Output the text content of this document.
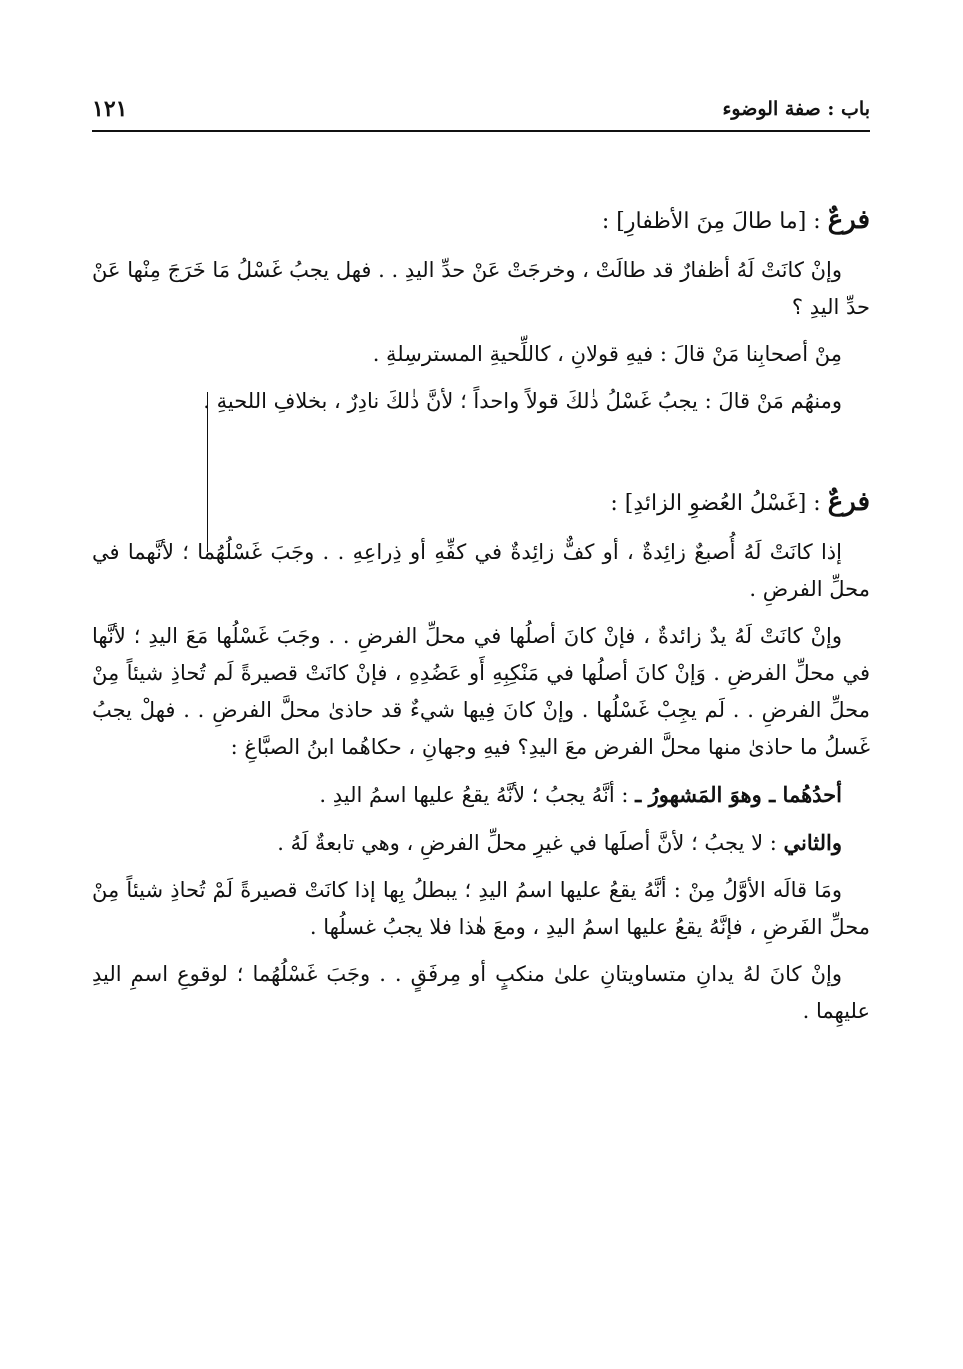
باب : صفة الوضوء
١٢١
فرعٌ : [ما طالَ مِنَ الأظفارِ] :

وإنْ كانَتْ لَهُ أظفارٌ قد طالَتْ ، وخرجَتْ عَنْ حدِّ اليدِ . . فهل يجبُ غَسْلُ مَا خَرَجَ مِنْها عَنْ حدِّ اليدِ ؟

مِنْ أصحابِنا مَنْ قالَ : فيهِ قولانِ ، كاللِّحيةِ المسترسِلةِ .

ومنهُم مَنْ قالَ : يجبُ غَسْلُ ذٰلكَ قولاً واحداً ؛ لأنَّ ذٰلكَ نادِرٌ ، بخلافِ اللحيةِ .

فرعٌ : [غَسْلُ العُضوِ الزائدِ] :

إذا كانَتْ لَهُ أُصبعٌ زائِدةٌ ، أو كفٌّ زائِدةٌ في كفِّهِ أو ذِراعِهِ . . وجَبَ غَسْلُهُما ؛ لأنَّهما في محلِّ الفرضِ .

وإنْ كانَتْ لَهُ يدٌ زائدةٌ ، فإنْ كانَ أصلُها في محلِّ الفرضِ . . وجَبَ غَسْلُها مَعَ اليدِ ؛ لأنَّها في محلِّ الفرضِ . وَإنْ كانَ أصلُها في مَنْكِبِهِ أَو عَضُدِهِ ، فإنْ كانَتْ قصيرةً لَم تُحاذِ شيئاً مِنْ محلِّ الفرضِ . . لَم يجِبْ غَسْلُها . وإنْ كانَ فِيها شيءٌ قد حاذىٰ محلَّ الفرضِ . . فهلْ يجبُ غَسلُ ما حاذىٰ منها محلَّ الفرض معَ اليدِ؟ فيهِ وجهانِ ، حكاهُما ابنُ الصبَّاغِ :

أحدُهُما ـ وهوَ المَشهورُ ـ : أنَّهُ يجبُ ؛ لأنَّهُ يقعُ عليها اسمُ اليدِ .

والثاني : لا يجبُ ؛ لأنَّ أصلَها في غيرِ محلِّ الفرضِ ، وهي تابعةٌ لَهُ .

ومَا قالَه الأوَّلُ مِنْ : أنَّهُ يقعُ عليها اسمُ اليدِ ؛ يبطلُ بِها إذا كانَتْ قصيرةً لَمْ تُحاذِ شيئاً مِنْ محلِّ الفَرضِ ، فإنَّهُ يقعُ عليها اسمُ اليدِ ، ومعَ هٰذا فلا يجبُ غسلُها .

وإنْ كانَ لهُ يدانِ متساويتانِ علىٰ منكبٍ أو مِرفَقٍ . . وجَبَ غَسْلُهُما ؛ لوقوعِ اسمِ اليدِ عليهِما .
